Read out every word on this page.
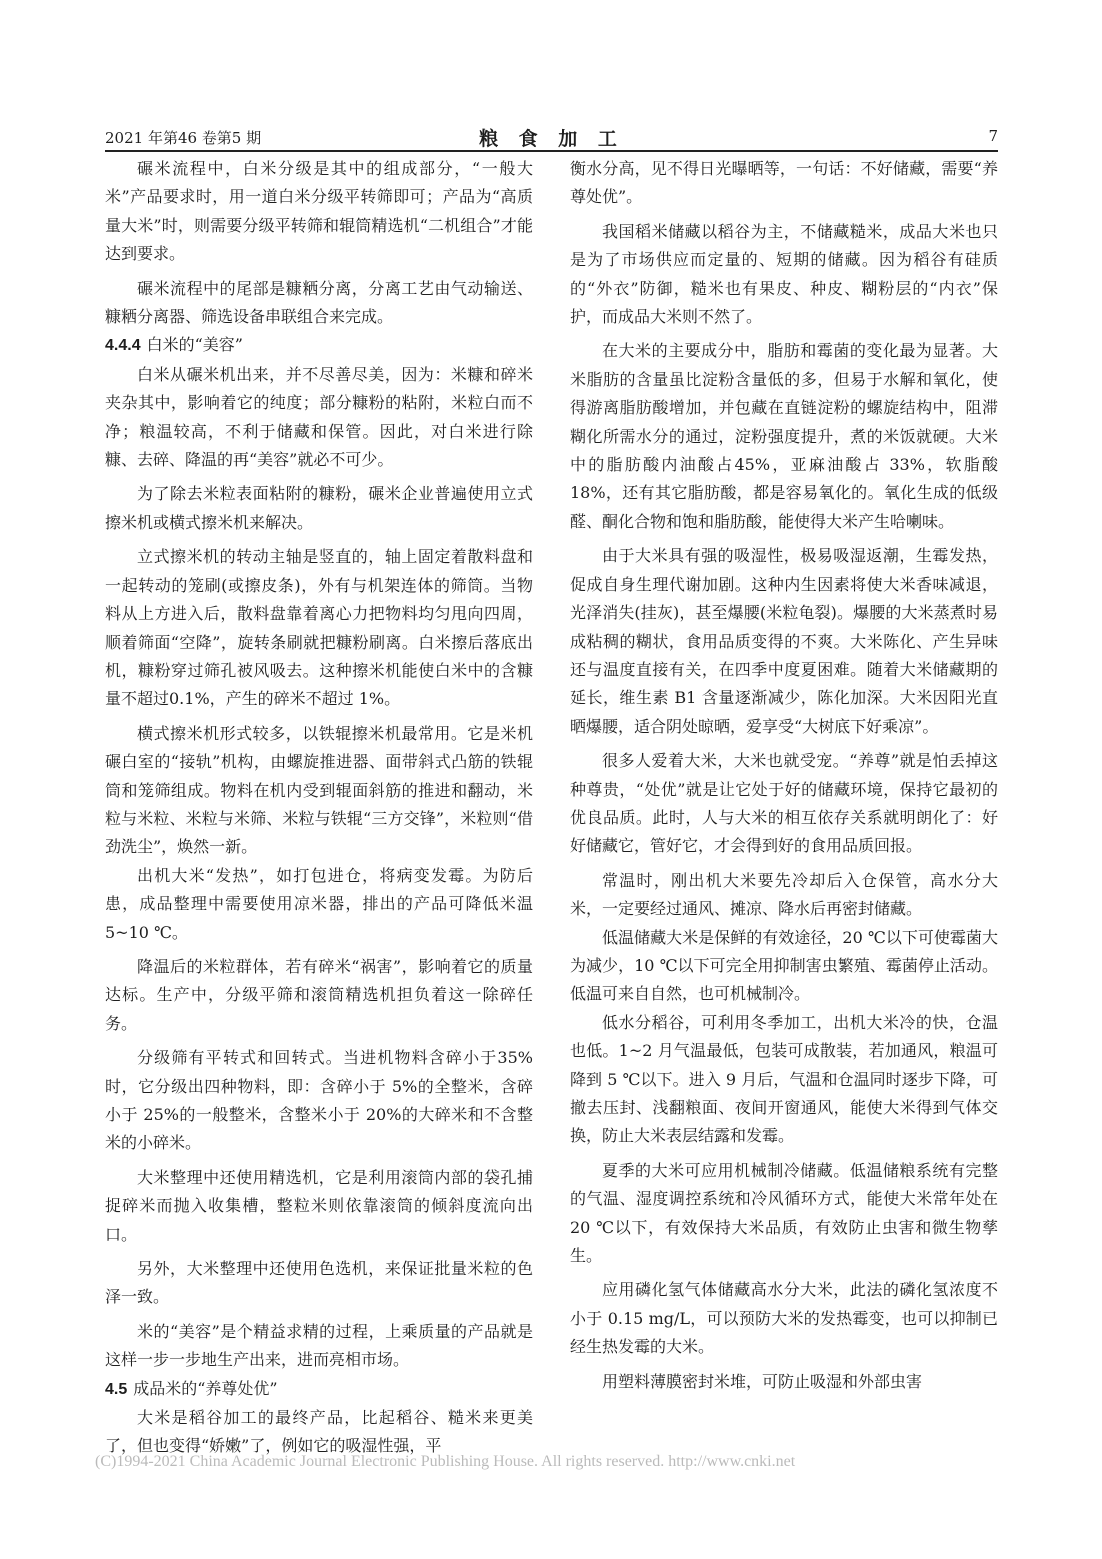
2021 年第46 卷第5 期	粮 食 加 工	7

碾米流程中，白米分级是其中的组成部分，“一般大米”产品要求时，用一道白米分级平转筛即可；产品为“高质量大米”时，则需要分级平转筛和辊筒精选机“二机组合”才能达到要求。

碾米流程中的尾部是糠粞分离，分离工艺由气动输送、糠粞分离器、筛选设备串联组合来完成。

4.4.4 白米的“美容”

白米从碾米机出来，并不尽善尽美，因为：米糠和碎米夹杂其中，影响着它的纯度；部分糠粉的粘附，米粒白而不净；粮温较高，不利于储藏和保管。因此，对白米进行除糠、去碎、降温的再“美容”就必不可少。

为了除去米粒表面粘附的糠粉，碾米企业普遍使用立式擦米机或横式擦米机来解决。

立式擦米机的转动主轴是竖直的，轴上固定着散料盘和一起转动的笼刷(或擦皮条)，外有与机架连体的筛筒。当物料从上方进入后，散料盘靠着离心力把物料均匀甩向四周，顺着筛面“空降”，旋转条刷就把糠粉刷离。白米擦后落底出机，糠粉穿过筛孔被风吸去。这种擦米机能使白米中的含糠量不超过0.1%，产生的碎米不超过 1%。

横式擦米机形式较多，以铁辊擦米机最常用。它是米机碾白室的“接轨”机构，由螺旋推进器、面带斜式凸筋的铁辊筒和笼筛组成。物料在机内受到辊面斜筋的推进和翻动，米粒与米粒、米粒与米筛、米粒与铁辊“三方交锋”，米粒则“借劲洗尘”，焕然一新。

出机大米“发热”，如打包进仓，将病变发霉。为防后患，成品整理中需要使用凉米器，排出的产品可降低米温 5~10 ℃。

降温后的米粒群体，若有碎米“祸害”，影响着它的质量达标。生产中，分级平筛和滚筒精选机担负着这一除碎任务。

分级筛有平转式和回转式。当进机物料含碎小于35%时，它分级出四种物料，即：含碎小于 5%的全整米，含碎小于 25%的一般整米，含整米小于 20%的大碎米和不含整米的小碎米。

大米整理中还使用精选机，它是利用滚筒内部的袋孔捕捉碎米而抛入收集槽，整粒米则依靠滚筒的倾斜度流向出口。

另外，大米整理中还使用色选机，来保证批量米粒的色泽一致。

米的“美容”是个精益求精的过程，上乘质量的产品就是这样一步一步地生产出来，进而亮相市场。

4.5 成品米的“养尊处优”

大米是稻谷加工的最终产品，比起稻谷、糙米来更美了，但也变得“娇嫩”了，例如它的吸湿性强，平

衡水分高，见不得日光曝晒等，一句话：不好储藏，需要“养尊处优”。

我国稻米储藏以稻谷为主，不储藏糙米，成品大米也只是为了市场供应而定量的、短期的储藏。因为稻谷有硅质的“外衣”防御，糙米也有果皮、种皮、糊粉层的“内衣”保护，而成品大米则不然了。

在大米的主要成分中，脂肪和霉菌的变化最为显著。大米脂肪的含量虽比淀粉含量低的多，但易于水解和氧化，使得游离脂肪酸增加，并包藏在直链淀粉的螺旋结构中，阻滞糊化所需水分的通过，淀粉强度提升，煮的米饭就硬。大米中的脂肪酸内油酸占45%，亚麻油酸占 33%，软脂酸 18%，还有其它脂肪酸，都是容易氧化的。氧化生成的低级醛、酮化合物和饱和脂肪酸，能使得大米产生哈喇味。

由于大米具有强的吸湿性，极易吸湿返潮，生霉发热，促成自身生理代谢加剧。这种内生因素将使大米香味减退，光泽消失(挂灰)，甚至爆腰(米粒龟裂)。爆腰的大米蒸煮时易成粘稠的糊状，食用品质变得的不爽。大米陈化、产生异味还与温度直接有关，在四季中度夏困难。随着大米储藏期的延长，维生素 B1 含量逐渐减少，陈化加深。大米因阳光直晒爆腰，适合阴处晾晒，爱享受“大树底下好乘凉”。

很多人爱着大米，大米也就受宠。“养尊”就是怕丢掉这种尊贵，“处优”就是让它处于好的储藏环境，保持它最初的优良品质。此时，人与大米的相互依存关系就明朗化了：好好储藏它，管好它，才会得到好的食用品质回报。

常温时，刚出机大米要先冷却后入仓保管，高水分大米，一定要经过通风、摊凉、降水后再密封储藏。

低温储藏大米是保鲜的有效途径，20 ℃以下可使霉菌大为减少，10 ℃以下可完全用抑制害虫繁殖、霉菌停止活动。低温可来自自然，也可机械制冷。

低水分稻谷，可利用冬季加工，出机大米冷的快，仓温也低。1~2 月气温最低，包装可成散装，若加通风，粮温可降到 5 ℃以下。进入 9 月后，气温和仓温同时逐步下降，可撤去压封、浅翻粮面、夜间开窗通风，能使大米得到气体交换，防止大米表层结露和发霉。

夏季的大米可应用机械制冷储藏。低温储粮系统有完整的气温、湿度调控系统和冷风循环方式，能使大米常年处在 20 ℃以下，有效保持大米品质，有效防止虫害和微生物孳生。

应用磷化氢气体储藏高水分大米，此法的磷化氢浓度不小于 0.15 mg/L，可以预防大米的发热霉变，也可以抑制已经生热发霉的大米。

用塑料薄膜密封米堆，可防止吸湿和外部虫害

(C)1994-2021 China Academic Journal Electronic Publishing House. All rights reserved. http://www.cnki.net
